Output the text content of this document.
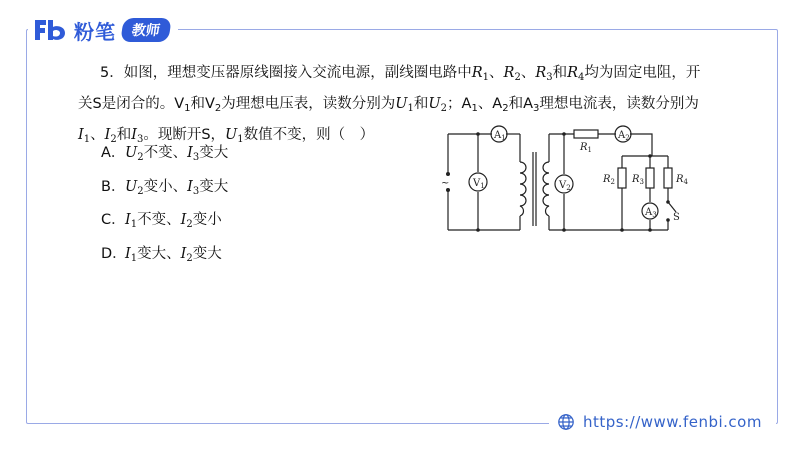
粉笔	教师

5．如图，理想变压器原线圈接入交流电源，副线圈电路中$R_1$、$R_2$、$R_3$和$R_4$均为固定电阻，开

关S是闭合的。$V_1$和$V_2$为理想电压表，读数分别为$U_1$和$U_2$；$A_1$、$A_2$和$A_3$理想电流表，读数分别为

$I_1$、$I_2$和$I_3$。现断开S，$U_1$数值不变，则（　）

A． $U_2$不变、$I_3$变大
B． $U_2$变小、$I_3$变大
C． $I_1$不变、$I_2$变小
D．
$I_1$变大、$I_2$变大
~
$A_1$
$V_1$	$V_2$
$A_2$
$A_3$
$R_1$
$R_2$ $R_3$	$R_4$
S
https://www.fenbi.com
